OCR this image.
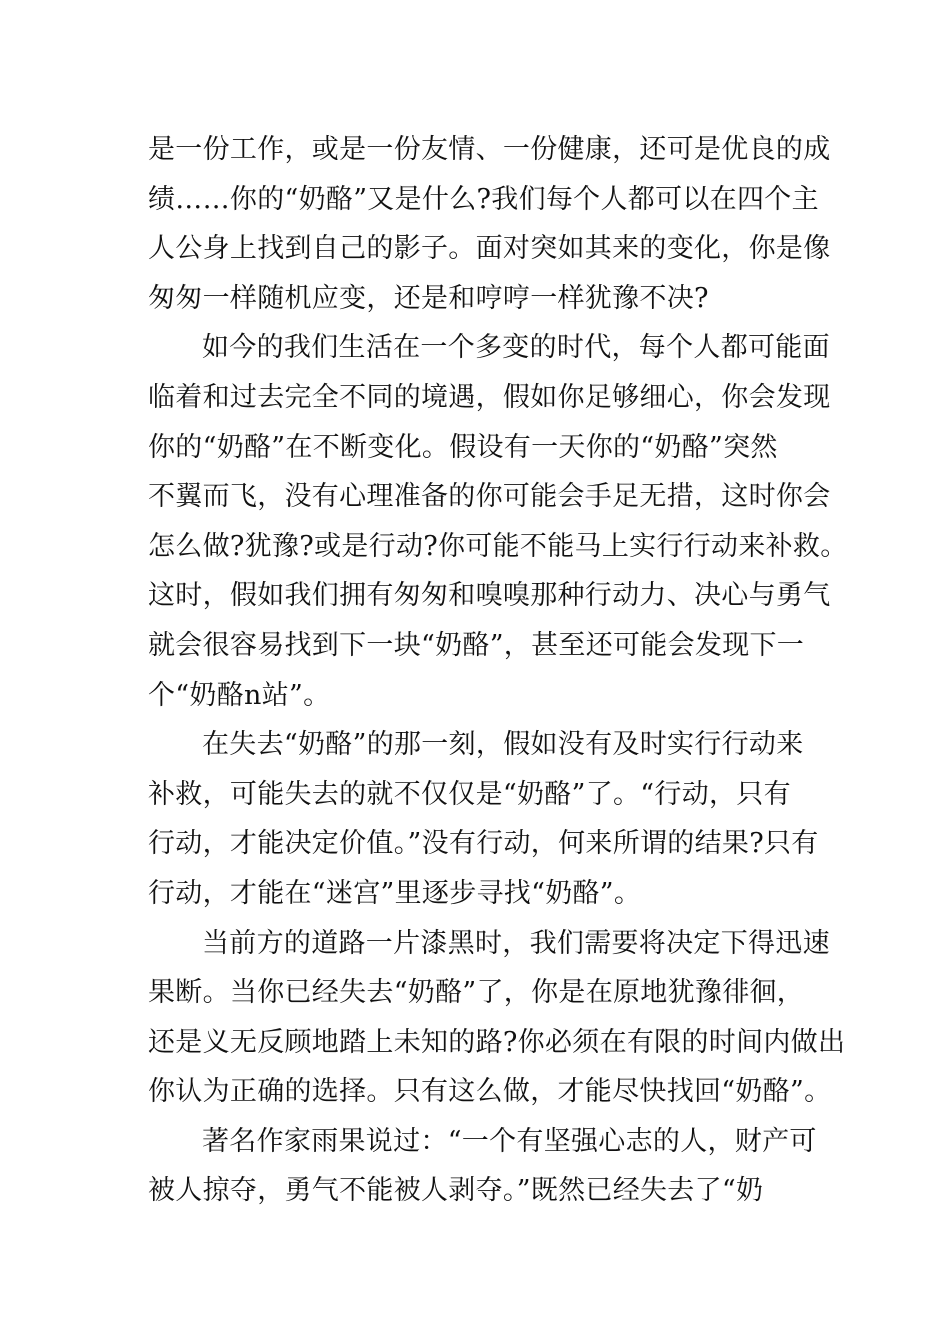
是一份工作，或是一份友情、一份健康，还可是优良的成
绩……你的“奶酪”又是什么?我们每个人都可以在四个主
人公身上找到自己的影子。面对突如其来的变化，你是像
匆匆一样随机应变，还是和哼哼一样犹豫不决?
如今的我们生活在一个多变的时代，每个人都可能面
临着和过去完全不同的境遇，假如你足够细心，你会发现
你的“奶酪”在不断变化。假设有一天你的“奶酪”突然
不翼而飞，没有心理准备的你可能会手足无措，这时你会
怎么做?犹豫?或是行动?你可能不能马上实行行动来补救。
这时，假如我们拥有匆匆和嗅嗅那种行动力、决心与勇气
就会很容易找到下一块“奶酪”，甚至还可能会发现下一
个“奶酪n站”。
在失去“奶酪”的那一刻，假如没有及时实行行动来
补救，可能失去的就不仅仅是“奶酪”了。“行动，只有
行动，才能决定价值。”没有行动，何来所谓的结果?只有
行动，才能在“迷宫”里逐步寻找“奶酪”。
当前方的道路一片漆黑时，我们需要将决定下得迅速
果断。当你已经失去“奶酪”了，你是在原地犹豫徘徊，
还是义无反顾地踏上未知的路?你必须在有限的时间内做出
你认为正确的选择。只有这么做，才能尽快找回“奶酪”。
著名作家雨果说过：“一个有坚强心志的人，财产可
被人掠夺，勇气不能被人剥夺。”既然已经失去了“奶
